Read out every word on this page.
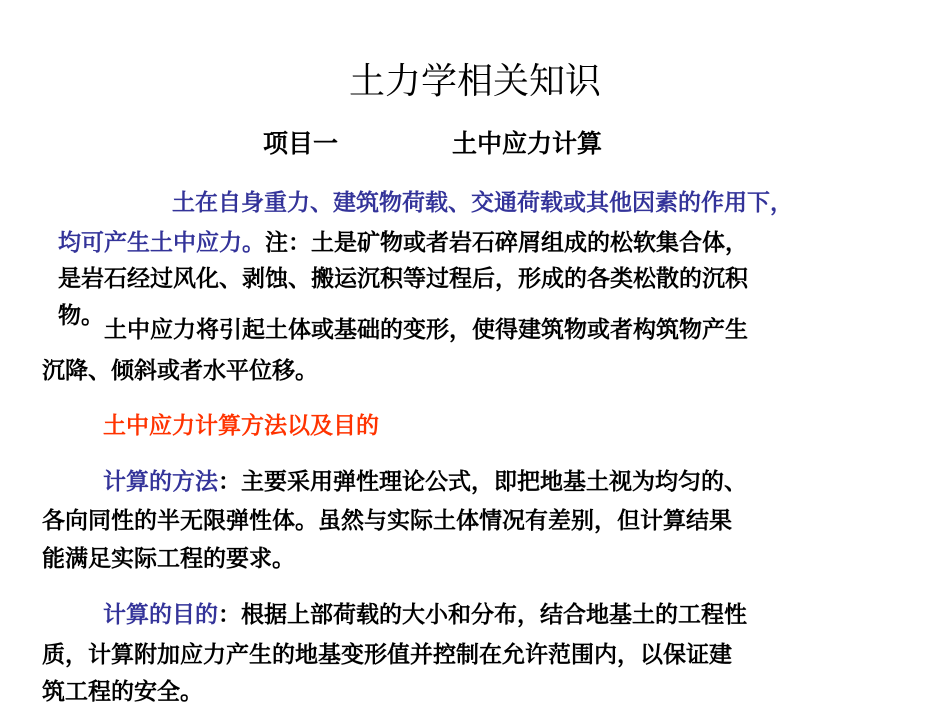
土力学相关知识
项目一	土中应力计算
土在自身重力、建筑物荷载、交通荷载或其他因素的作用下，
均可产生土中应力。注：土是矿物或者岩石碎屑组成的松软集合体，
是岩石经过风化、剥蚀、搬运沉积等过程后，形成的各类松散的沉积
物。
土中应力将引起土体或基础的变形，使得建筑物或者构筑物产生
沉降、倾斜或者水平位移。
土中应力计算方法以及目的
计算的方法：主要采用弹性理论公式，即把地基土视为均匀的、
各向同性的半无限弹性体。虽然与实际土体情况有差别，但计算结果
能满足实际工程的要求。
计算的目的：根据上部荷载的大小和分布，结合地基土的工程性
质，计算附加应力产生的地基变形值并控制在允许范围内，以保证建
筑工程的安全。
